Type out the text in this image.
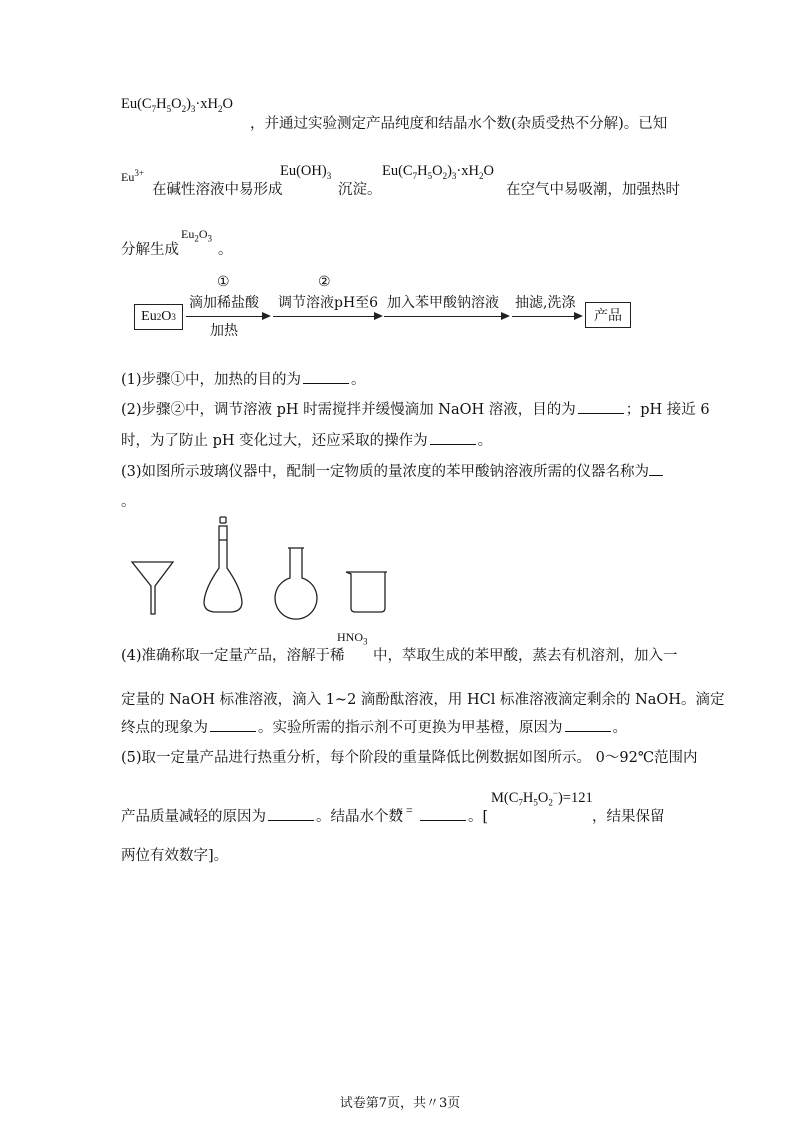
$Eu(C_7H_5O_2)_3\cdot xH_2O$
，并通过实验测定产品纯度和结晶水个数(杂质受热不分解)。已知
$Eu^{3+}$
在碱性溶液中易形成
$Eu(OH)_3$
沉淀。
$Eu(C_7H_5O_2)_3\cdot xH_2O$
在空气中易吸潮，加强热时
分解生成
$Eu_2O_3$
。
Eu 2 O 3
①
滴加稀盐酸
加热
②
调节溶液pH至6 加入苯甲酸钠溶液 抽滤,洗涤
产品
(1)步骤①中，加热的目的为	。
(2)步骤②中，调节溶液 pH 时需搅拌并缓慢滴加 NaOH 溶液，目的为	；pH 接近 6
时，为了防止 pH 变化过大，还应采取的操作为	。
(3)如图所示玻璃仪器中，配制一定物质的量浓度的苯甲酸钠溶液所需的仪器名称为
。
(4)准确称取一定量产品，溶解于稀
$HNO_3$
中，萃取生成的苯甲酸，蒸去有机溶剂，加入一
定量的 NaOH 标准溶液，滴入 1~2 滴酚酞溶液，用 HCl 标准溶液滴定剩余的 NaOH。滴定
终点的现象为	。实验所需的指示剂不可更换为甲基橙，原因为	。
(5)取一定量产品进行热重分析，每个阶段的重量降低比例数据如图所示。 0～92℃范围内
产品质量减轻的原因为	。结晶水个数
x =	。[
$M(C_7H_5O_2^-)=121$
，结果保留
两位有效数字]。
试卷第7页，共〃3页
